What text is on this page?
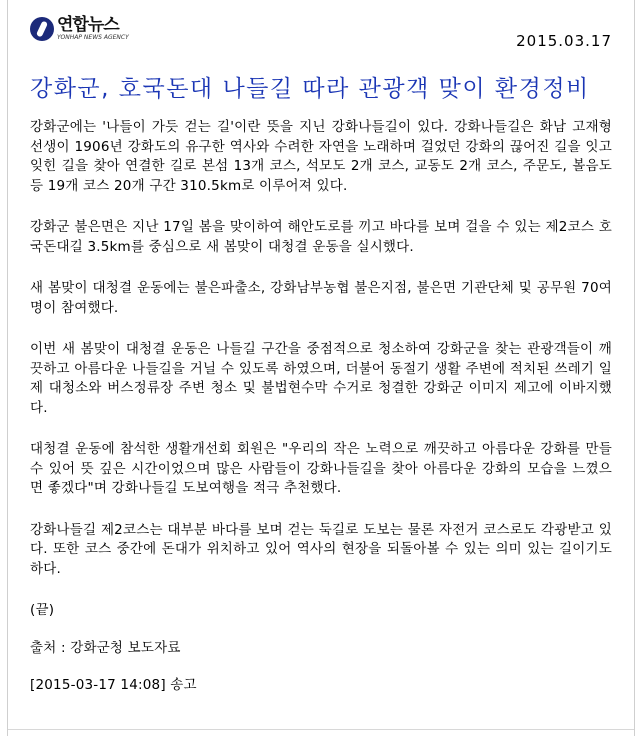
연합뉴스
YONHAP NEWS AGENCY	2015.03.17
강화군, 호국돈대 나들길 따라 관광객 맞이 환경정비

강화군에는 '나들이 가듯 걷는 길'이란 뜻을 지닌 강화나들길이 있다. 강화나들길은 화남 고재형 선생이 1906년 강화도의 유구한 역사와 수려한 자연을 노래하며 걸었던 강화의 끊어진 길을 잇고 잊힌 길을 찾아 연결한 길로 본섬 13개 코스, 석모도 2개 코스, 교동도 2개 코스, 주문도, 볼음도 등 19개 코스 20개 구간 310.5km로 이루어져 있다.

강화군 불은면은 지난 17일 봄을 맞이하여 해안도로를 끼고 바다를 보며 걸을 수 있는 제2코스 호국돈대길 3.5km를 중심으로 새 봄맞이 대청결 운동을 실시했다.

새 봄맞이 대청결 운동에는 불은파출소, 강화남부농협 불은지점, 불은면 기관단체 및 공무원 70여 명이 참여했다.

이번 새 봄맞이 대청결 운동은 나들길 구간을 중점적으로 청소하여 강화군을 찾는 관광객들이 깨끗하고 아름다운 나들길을 거닐 수 있도록 하였으며, 더불어 동절기 생활 주변에 적치된 쓰레기 일제 대청소와 버스정류장 주변 청소 및 불법현수막 수거로 청결한 강화군 이미지 제고에 이바지했다.

대청결 운동에 참석한 생활개선회 회원은 "우리의 작은 노력으로 깨끗하고 아름다운 강화를 만들 수 있어 뜻 깊은 시간이었으며 많은 사람들이 강화나들길을 찾아 아름다운 강화의 모습을 느꼈으면 좋겠다"며 강화나들길 도보여행을 적극 추천했다.

강화나들길 제2코스는 대부분 바다를 보며 걷는 둑길로 도보는 물론 자전거 코스로도 각광받고 있다. 또한 코스 중간에 돈대가 위치하고 있어 역사의 현장을 되돌아볼 수 있는 의미 있는 길이기도 하다.

(끝)

출처 : 강화군청 보도자료

[2015-03-17 14:08] 송고
